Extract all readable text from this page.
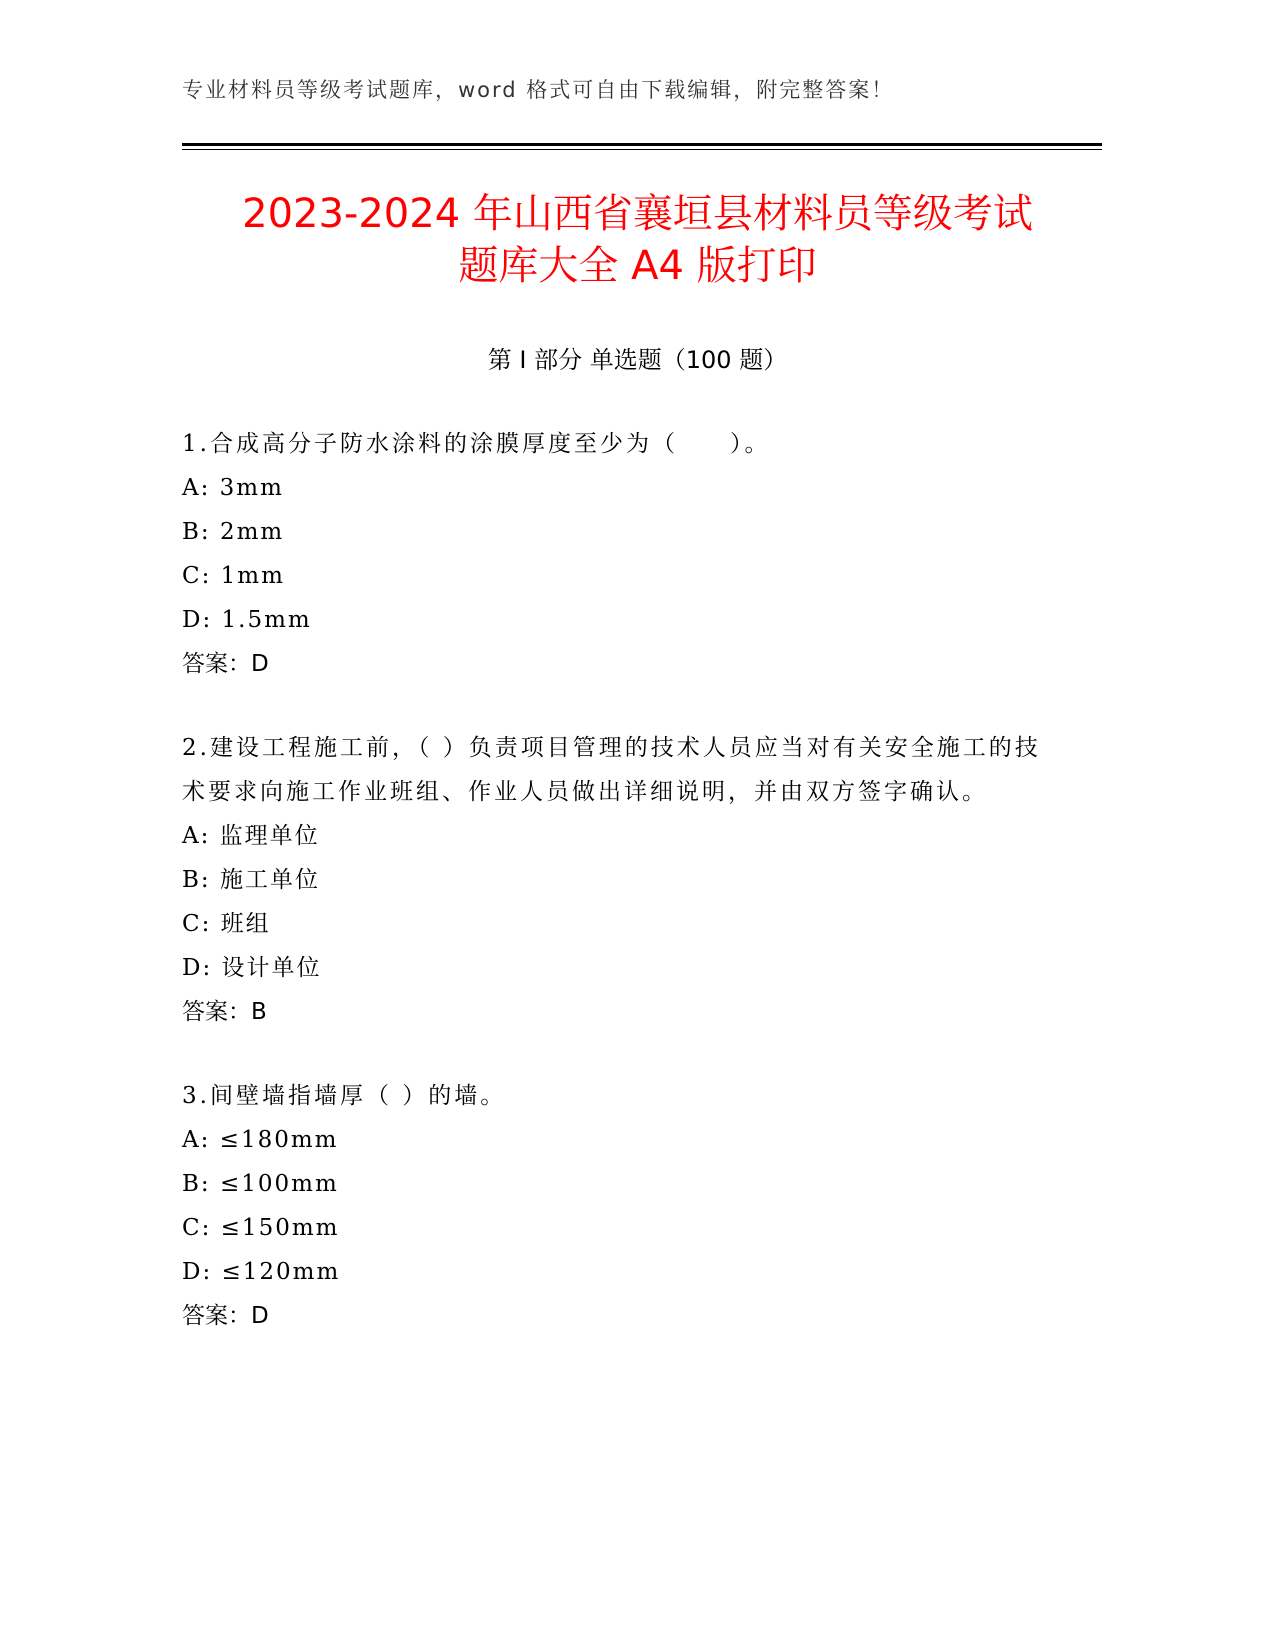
专业材料员等级考试题库，word 格式可自由下载编辑，附完整答案！
2023-2024 年山西省襄垣县材料员等级考试
题库大全 A4 版打印
第 I 部分 单选题（100 题）
1.合成高分子防水涂料的涂膜厚度至少为（　　）。
A: 3mm
B: 2mm
C: 1mm
D: 1.5mm
答案：D
2.建设工程施工前，（ ）负责项目管理的技术人员应当对有关安全施工的技术要求向施工作业班组、作业人员做出详细说明，并由双方签字确认。
A: 监理单位
B: 施工单位
C: 班组
D: 设计单位
答案：B
3.间壁墙指墙厚（ ）的墙。
A: ≤180mm
B: ≤100mm
C: ≤150mm
D: ≤120mm
答案：D
